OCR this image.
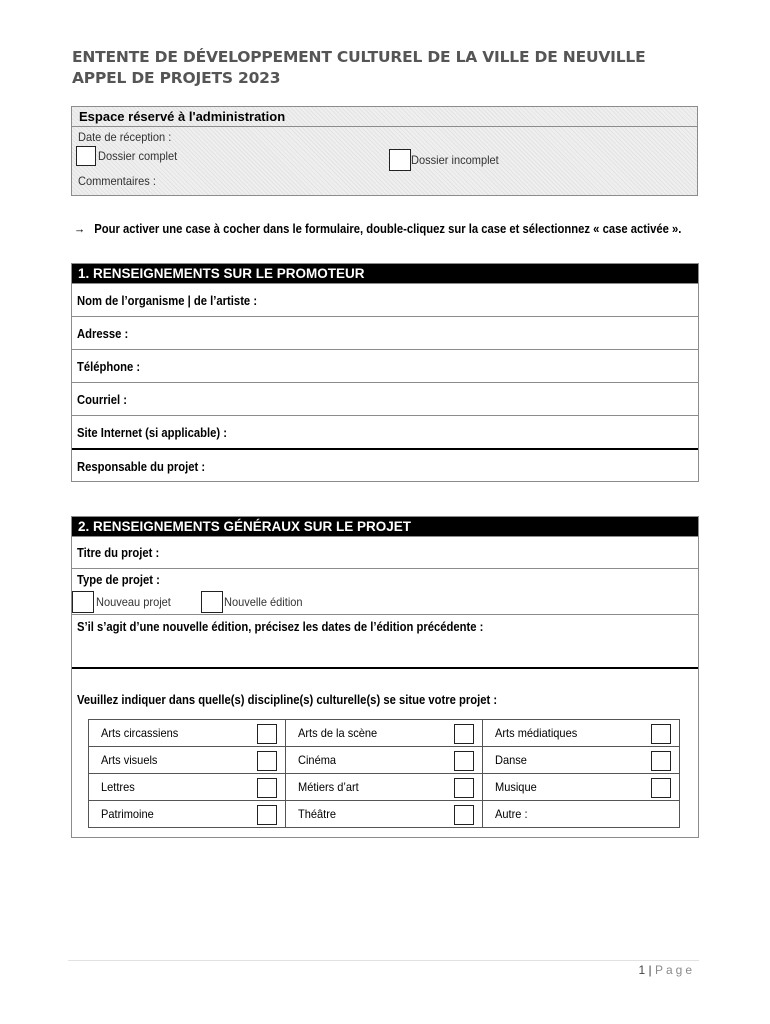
ENTENTE DE DÉVELOPPEMENT CULTUREL DE LA VILLE DE NEUVILLE
APPEL DE PROJETS 2023
Espace réservé à l'administration
Date de réception :
Dossier complet	Dossier incomplet
Commentaires :
→ Pour activer une case à cocher dans le formulaire, double-cliquez sur la case et sélectionnez « case activée ».
1. RENSEIGNEMENTS SUR LE PROMOTEUR
Nom de l’organisme | de l’artiste :
Adresse :
Téléphone :
Courriel :
Site Internet (si applicable) :
Responsable du projet :
2. RENSEIGNEMENTS GÉNÉRAUX SUR LE PROJET
Titre du projet :
Type de projet :
Nouveau projet	Nouvelle édition
S’il s’agit d’une nouvelle édition, précisez les dates de l’édition précédente :
Veuillez indiquer dans quelle(s) discipline(s) culturelle(s) se situe votre projet :
Arts circassiens	Arts de la scène	Arts médiatiques

Arts visuels	Cinéma	Danse

Lettres	Métiers d’art	Musique

Patrimoine	Théâtre	Autre :
1 | Page
